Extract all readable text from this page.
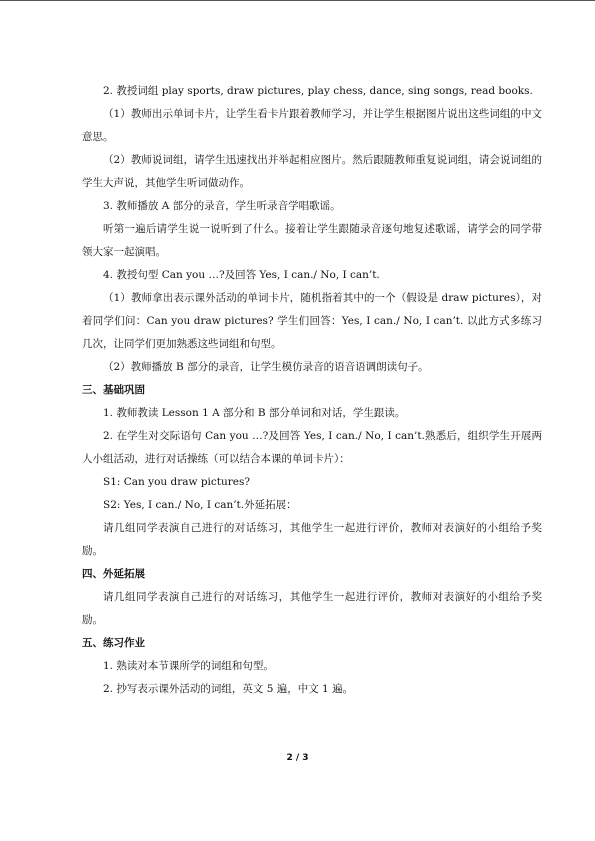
2. 教授词组 play sports, draw pictures, play chess, dance, sing songs, read books.

（1）教师出示单词卡片，让学生看卡片跟着教师学习，并让学生根据图片说出这些词组的中文意思。

（2）教师说词组，请学生迅速找出并举起相应图片。然后跟随教师重复说词组，请会说词组的学生大声说，其他学生听词做动作。

3. 教师播放 A 部分的录音，学生听录音学唱歌谣。

听第一遍后请学生说一说听到了什么。接着让学生跟随录音逐句地复述歌谣，请学会的同学带领大家一起演唱。

4. 教授句型 Can you …?及回答 Yes, I can./ No, I can’t.

（1）教师拿出表示课外活动的单词卡片，随机指着其中的一个（假设是 draw pictures），对着同学们问：Can you draw pictures? 学生们回答：Yes, I can./ No, I can’t. 以此方式多练习几次，让同学们更加熟悉这些词组和句型。

（2）教师播放 B 部分的录音，让学生模仿录音的语音语调朗读句子。

三、基础巩固

1. 教师教读 Lesson 1 A 部分和 B 部分单词和对话，学生跟读。

2. 在学生对交际语句 Can you …?及回答 Yes, I can./ No, I can’t.熟悉后，组织学生开展两人小组活动，进行对话操练（可以结合本课的单词卡片）：

S1: Can you draw pictures?

S2: Yes, I can./ No, I can’t.外延拓展：

请几组同学表演自己进行的对话练习，其他学生一起进行评价，教师对表演好的小组给予奖励。

四、外延拓展

请几组同学表演自己进行的对话练习，其他学生一起进行评价，教师对表演好的小组给予奖励。

五、练习作业

1. 熟读对本节课所学的词组和句型。

2. 抄写表示课外活动的词组，英文 5 遍，中文 1 遍。

2 / 3
